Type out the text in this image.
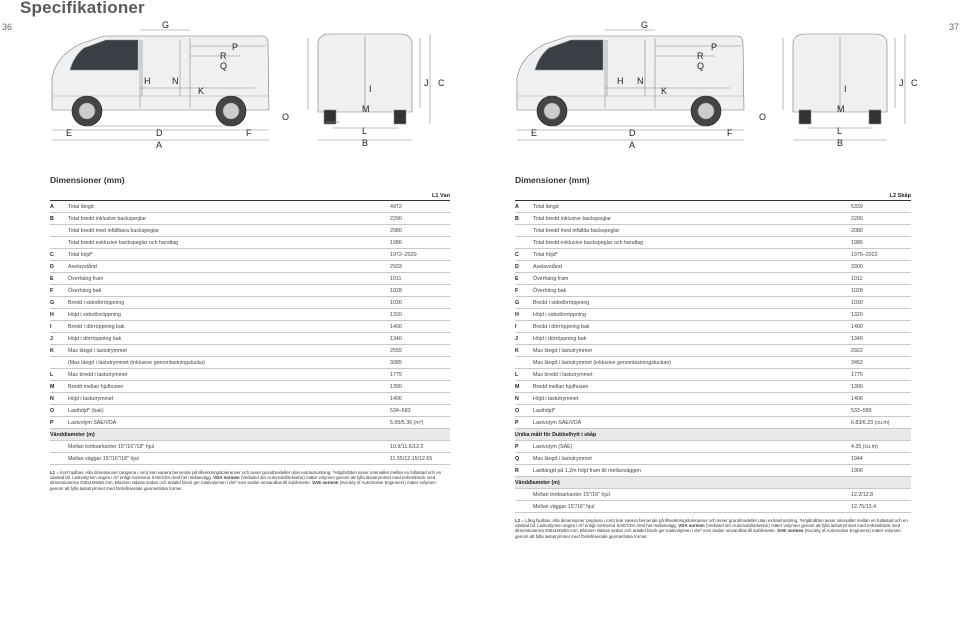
Specifikationer
36	37
G
P
R
Q
H N
K
E	D	F
A
I
J C
M
L
B
O
G
P
R
Q
H N
K
E	D	F
A
I
J C
M
L
B
O
Dimensioner (mm)
L1 Van
A	Total längd	4972
B	Total bredd inklusive backspeglar	2290
	Total bredd med infällbara backspeglar	2080
	Total bredd exklusive backspeglar och handtag	1986
C	Total höjd*	1972–2020
D	Axelavstånd	2933
E	Överhäng fram	1011
F	Överhäng bak	1028
G	Bredd i sidodörröppning	1030
H	Höjd i sidodörröppning	1320
I	Bredd i dörröppning bak	1400
J	Höjd i dörröppning bak	1340
K	Max längd i lastutrymmet	2555
	(Max längd i lastutrymmet (inklusive genomlastningslucka)	3085
L	Max bredd i lastutrymmet	1775
M	Bredd mellan hjulhusen	1390
N	Höjd i lastutrymmet	1406
O	Lasthöjd* (bak)	534–583
P	Lastvolym SAE/VDA	5.95/5.36 (m³)
Vänddiameter (m)		
	Mellan trottoarkanter 15"/16"/18" hjul	10.9/11.6/12.2
	Mellan väggar 15"/16"/18" hjul	11.55/12.15/12.65
L1 = Kort hjulbas. Alla dimensioner (angivna i mm) kan variera beroende på tillverkningstoleranser och avser grundmodeller utan extrautrustning. *Höjdmåtten avser intervallet mellan en fullastad och en olastad bil. Lastvolymen anges i m³ enligt normerna SAE/VDA med hel mellanvägg. VDA normen (Verband der Automobilindustrie) mäter volymen genom att fylla lastutrymmet med enhetsblock med dimensionerna 200x100x50 mm. Blocken räknas sedan och antalet block ger totalvolymen i dm³ som sedan omvandlas till kubikmeter. SAE normen (Society of Automotive Engineers) mäter volymen genom att fylla lastutrymmet med fördefinierade geometriska former.
Dimensioner (mm)
L2 Skåp
A	Total längd	5339
B	Total bredd inklusive backspeglar	2290
	Total bredd med infällda backspeglar	2080
	Total bredd exklusive backspeglar och handtag	1986
C	Total höjd*	1976–2022
D	Axelavstånd	3300
E	Överhäng fram	1011
F	Överhäng bak	1028
G	Bredd i sidodörröppning	1030
H	Höjd i sidodörröppning	1320
I	Bredd i dörröppning bak	1400
J	Höjd i dörröppning bak	1340
K	Max längd i lastutrymmet	2922
	Max längd i lastutrymmet (inklusive genomlastningsluckan)	3452
L	Max bredd i lastutrymmet	1775
M	Bredd mellan hjulhusen	1390
N	Höjd i lastutrymmet	1406
O	Lasthöjd*	533–589
P	Lastvolym SAE/VDA	6.83/6.23 (cu.m)
Unika mått för Dubbelhytt i skåp		
P	Lastvolym (SAE)	4.35 (cu.m)
Q	Max längd i lastutrymmet	1944
R	Lastlängd på 1,2m höjd fram till mellanväggen	1906
Vänddiameter (m)		
	Mellan trottoarkanter 15"/16" hjul	12.2/12.8
	Mellan väggar 15"/16" hjul	12.75/13.4
L2 = Lång hjulbas. Alla dimensioner (angivna i mm) kan variera beroende på tillverkningstoleranser och avser grundmodeller utan extrautrustning. *Höjdmåtten avser intervallet mellan en fullastad och en olastad bil. Lastvolymen anges i m³ enligt normerna SAE/VDA med hel mellanvägg. VDA normen (Verband der Automobilindustrie) mäter volymen genom att fylla lastutrymmet med enhetsblock med dimensionerna 200x100x50 mm. Blocken räknas sedan och antalet block ger totalvolymen i dm³ som sedan omvandlas till kubikmeter. SAE normen (Society of Automotive Engineers) mäter volymen genom att fylla lastutrymmet med fördefinierade geometriska former.
